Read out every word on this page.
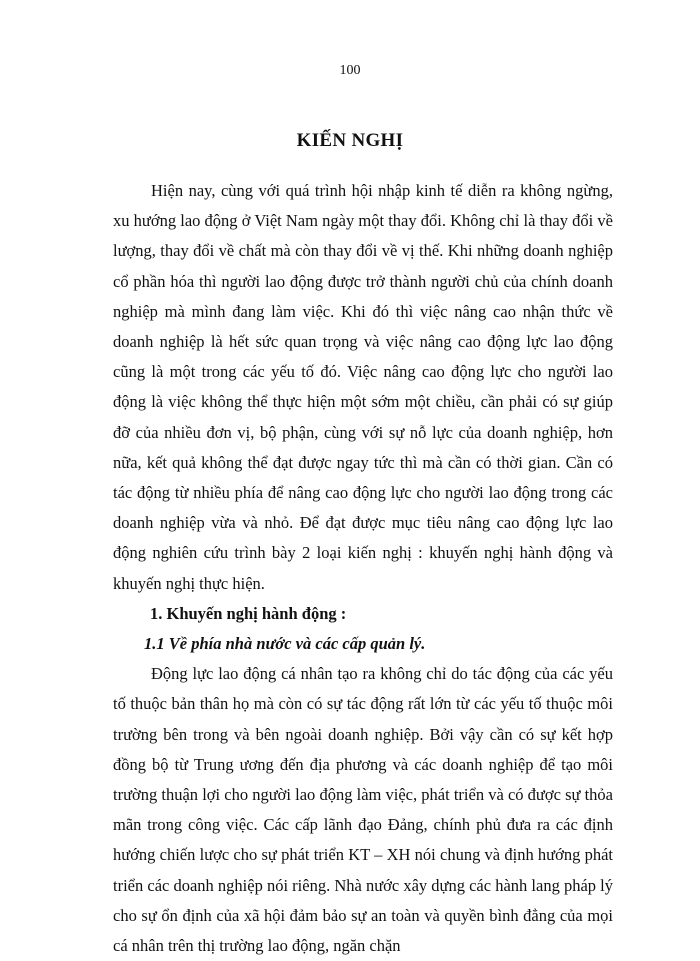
100
KIẾN NGHỊ

Hiện nay, cùng với quá trình hội nhập kinh tế diễn ra không ngừng, xu hướng lao động ở Việt Nam ngày một thay đổi. Không chỉ là thay đổi về lượng, thay đổi về chất mà còn thay đổi về vị thế. Khi những doanh nghiệp cổ phần hóa thì người lao động được trở thành người chủ của chính doanh nghiệp mà mình đang làm việc. Khi đó thì việc nâng cao nhận thức về doanh nghiệp là hết sức quan trọng và việc nâng cao động lực lao động cũng là một trong các yếu tố đó. Việc nâng cao động lực cho người lao động là việc không thể thực hiện một sớm một chiều, cần phải có sự giúp đỡ của nhiều đơn vị, bộ phận, cùng với sự nỗ lực của doanh nghiệp, hơn nữa, kết quả không thể đạt được ngay tức thì mà cần có thời gian. Cần có tác động từ nhiều phía để nâng cao động lực cho người lao động trong các doanh nghiệp vừa và nhỏ. Để đạt được mục tiêu nâng cao động lực lao động nghiên cứu trình bày 2 loại kiến nghị : khuyến nghị hành động và khuyến nghị thực hiện.

1. Khuyến nghị hành động :

1.1 Về phía nhà nước và các cấp quản lý.

Động lực lao động cá nhân tạo ra không chỉ do tác động của các yếu tố thuộc bản thân họ mà còn có sự tác động rất lớn từ các yếu tố thuộc môi trường bên trong và bên ngoài doanh nghiệp. Bởi vậy cần có sự kết hợp đồng bộ từ Trung ương đến địa phương và các doanh nghiệp để tạo môi trường thuận lợi cho người lao động làm việc, phát triển và có được sự thỏa mãn trong công việc. Các cấp lãnh đạo Đảng, chính phủ đưa ra các định hướng chiến lược cho sự phát triển KT – XH nói chung và định hướng phát triển các doanh nghiệp nói riêng. Nhà nước xây dựng các hành lang pháp lý cho sự ổn định của xã hội đảm bảo sự an toàn và quyền bình đẳng của mọi cá nhân trên thị trường lao động, ngăn chặn
